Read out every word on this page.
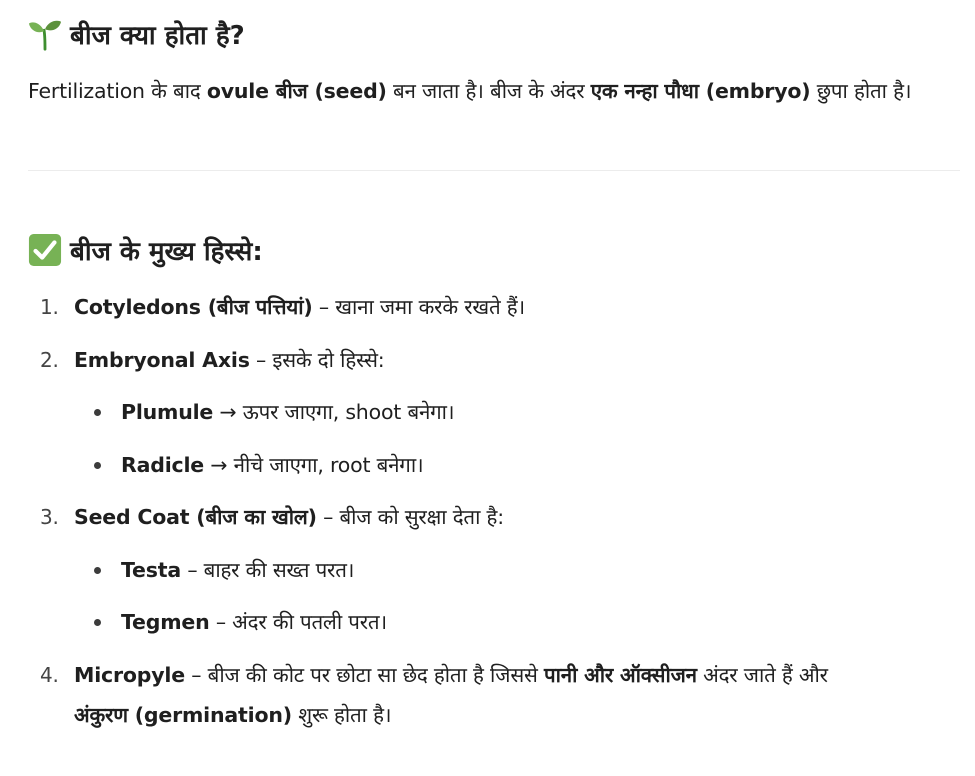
बीज क्या होता है?

Fertilization के बाद ovule बीज (seed) बन जाता है। बीज के अंदर एक नन्हा पौधा (embryo) छुपा होता है।

बीज के मुख्य हिस्से:
1. Cotyledons (बीज पत्तियां) – खाना जमा करके रखते हैं।
2. Embryonal Axis – इसके दो हिस्से:
Plumule → ऊपर जाएगा, shoot बनेगा।
Radicle → नीचे जाएगा, root बनेगा।
3. Seed Coat (बीज का खोल) – बीज को सुरक्षा देता है:
Testa – बाहर की सख्त परत।
Tegmen – अंदर की पतली परत।
4. Micropyle – बीज की कोट पर छोटा सा छेद होता है जिससे पानी और ऑक्सीजन अंदर जाते हैं और
अंकुरण (germination) शुरू होता है।
